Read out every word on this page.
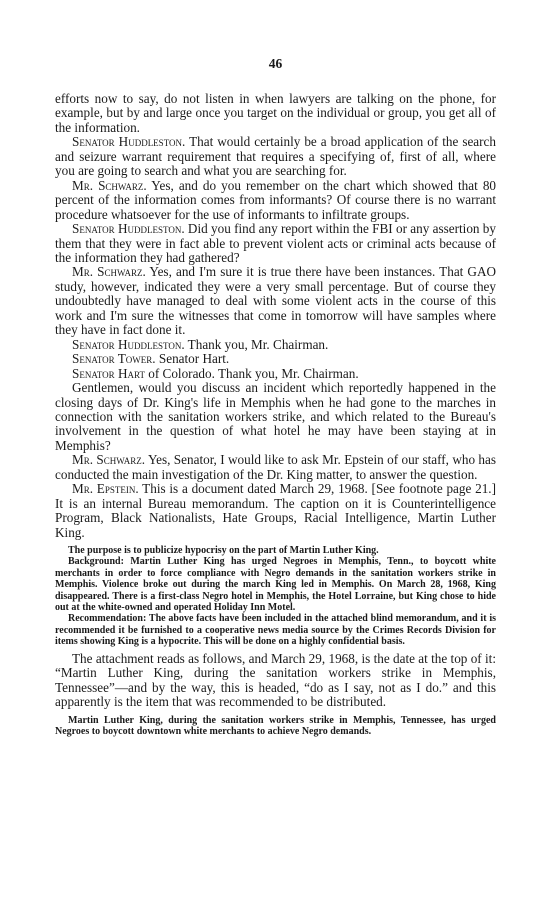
46

efforts now to say, do not listen in when lawyers are talking on the phone, for example, but by and large once you target on the individual or group, you get all of the information.

Senator Huddleston. That would certainly be a broad application of the search and seizure warrant requirement that requires a specifying of, first of all, where you are going to search and what you are searching for.

Mr. Schwarz. Yes, and do you remember on the chart which showed that 80 percent of the information comes from informants? Of course there is no warrant procedure whatsoever for the use of informants to infiltrate groups.

Senator Huddleston. Did you find any report within the FBI or any assertion by them that they were in fact able to prevent violent acts or criminal acts because of the information they had gathered?

Mr. Schwarz. Yes, and I'm sure it is true there have been instances. That GAO study, however, indicated they were a very small percentage. But of course they undoubtedly have managed to deal with some violent acts in the course of this work and I'm sure the witnesses that come in tomorrow will have samples where they have in fact done it.

Senator Huddleston. Thank you, Mr. Chairman.

Senator Tower. Senator Hart.

Senator Hart of Colorado. Thank you, Mr. Chairman.

Gentlemen, would you discuss an incident which reportedly happened in the closing days of Dr. King's life in Memphis when he had gone to the marches in connection with the sanitation workers strike, and which related to the Bureau's involvement in the question of what hotel he may have been staying at in Memphis?

Mr. Schwarz. Yes, Senator, I would like to ask Mr. Epstein of our staff, who has conducted the main investigation of the Dr. King matter, to answer the question.

Mr. Epstein. This is a document dated March 29, 1968. [See footnote page 21.] It is an internal Bureau memorandum. The caption on it is Counterintelligence Program, Black Nationalists, Hate Groups, Racial Intelligence, Martin Luther King.

The purpose is to publicize hypocrisy on the part of Martin Luther King.

Background: Martin Luther King has urged Negroes in Memphis, Tenn., to boycott white merchants in order to force compliance with Negro demands in the sanitation workers strike in Memphis. Violence broke out during the march King led in Memphis. On March 28, 1968, King disappeared. There is a first-class Negro hotel in Memphis, the Hotel Lorraine, but King chose to hide out at the white-owned and operated Holiday Inn Motel.

Recommendation: The above facts have been included in the attached blind memorandum, and it is recommended it be furnished to a cooperative news media source by the Crimes Records Division for items showing King is a hypocrite. This will be done on a highly confidential basis.

The attachment reads as follows, and March 29, 1968, is the date at the top of it: “Martin Luther King, during the sanitation workers strike in Memphis, Tennessee”—and by the way, this is headed, “do as I say, not as I do.” and this apparently is the item that was recommended to be distributed.

Martin Luther King, during the sanitation workers strike in Memphis, Tennessee, has urged Negroes to boycott downtown white merchants to achieve Negro demands.
